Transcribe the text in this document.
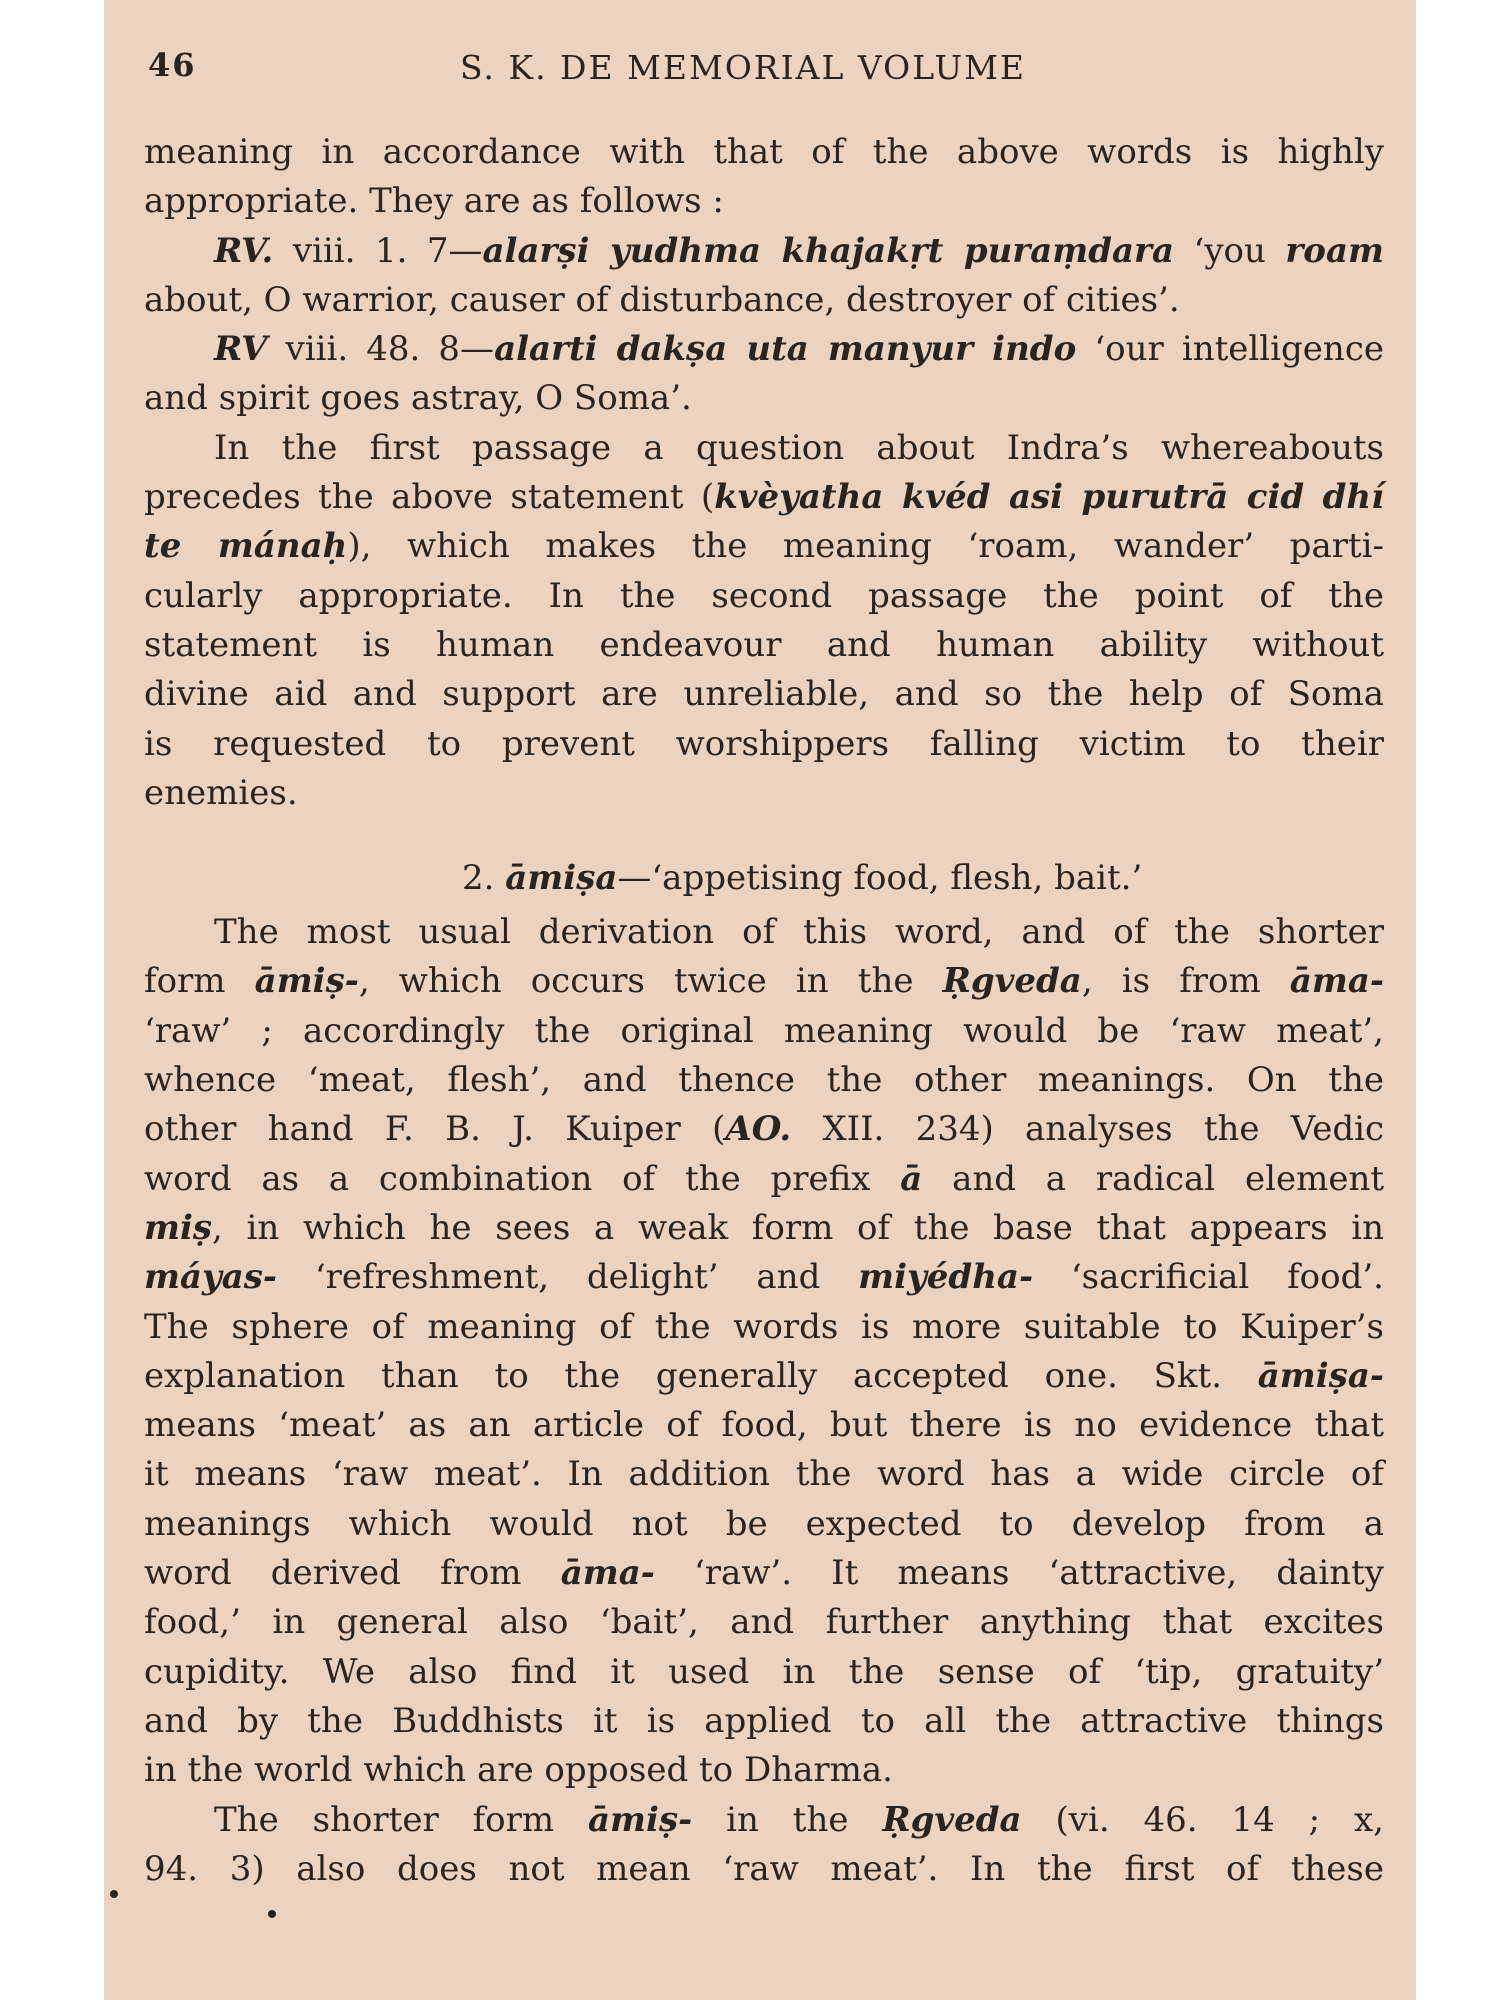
46	S. K. DE MEMORIAL VOLUME
meaning in accordance with that of the above words is highly
appropriate. They are as follows :
RV. viii. 1. 7—alarṣi yudhma khajakṛt puraṃdara ‘you roam
about, O warrior, causer of disturbance, destroyer of cities’.
RV viii. 48. 8—alarti dakṣa uta manyur indo ‘our intelligence
and spirit goes astray, O Soma’.
In the first passage a question about Indra’s whereabouts
precedes the above statement (kvèyatha kvéd asi purutrā cid dhí
te mánaḥ), which makes the meaning ‘roam, wander’ parti-
cularly appropriate. In the second passage the point of the
statement is human endeavour and human ability without
divine aid and support are unreliable, and so the help of Soma
is requested to prevent worshippers falling victim to their
enemies.
2. āmiṣa—‘appetising food, flesh, bait.’
The most usual derivation of this word, and of the shorter
form āmiṣ-, which occurs twice in the Ṛgveda, is from āma-
‘raw’ ; accordingly the original meaning would be ‘raw meat’,
whence ‘meat, flesh’, and thence the other meanings. On the
other hand F. B. J. Kuiper (AO. XII. 234) analyses the Vedic
word as a combination of the prefix ā and a radical element
miṣ, in which he sees a weak form of the base that appears in
máyas- ‘refreshment, delight’ and miyédha- ‘sacrificial food’.
The sphere of meaning of the words is more suitable to Kuiper’s
explanation than to the generally accepted one. Skt. āmiṣa-
means ‘meat’ as an article of food, but there is no evidence that
it means ‘raw meat’. In addition the word has a wide circle of
meanings which would not be expected to develop from a
word derived from āma- ‘raw’. It means ‘attractive, dainty
food,’ in general also ‘bait’, and further anything that excites
cupidity. We also find it used in the sense of ‘tip, gratuity’
and by the Buddhists it is applied to all the attractive things
in the world which are opposed to Dharma.
The shorter form āmiṣ- in the Ṛgveda (vi. 46. 14 ; x,
94. 3) also does not mean ‘raw meat’. In the first of these
